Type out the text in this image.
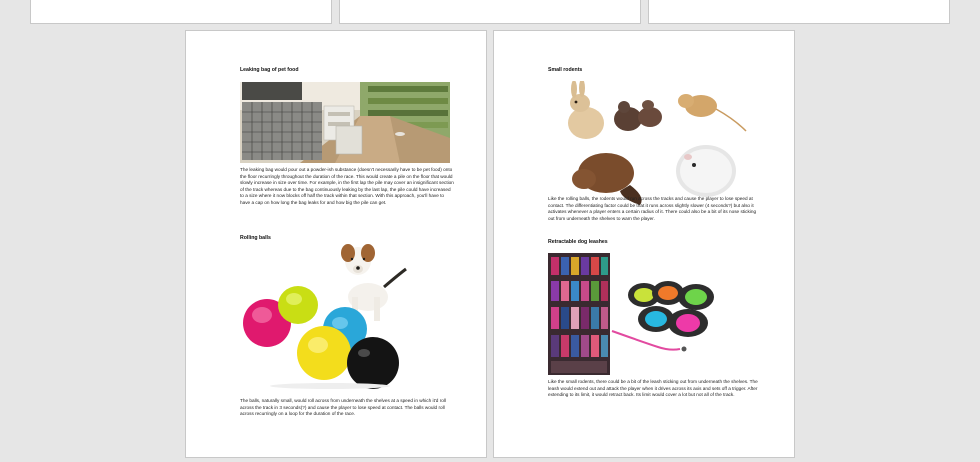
Leaking bag of pet food
The leaking bag would pour out a powder-ish substance (doesn't necessarily have to be pet food) onto the floor recurringly throughout the duration of the race. This would create a pile on the floor that would slowly increase in size over time. For example, in the first lap the pile may cover an insignificant section of the track whereas due to the bag continuously leaking by the last lap, the pile could have increased to a size where it now blocks off half the track within that section. With this approach, you'll have to have a cap on how long the bag leaks for and how big the pile can get.
Rolling balls
The balls, naturally small, would roll across from underneath the shelves at a speed in which it'd roll across the track in 3 seconds(?) and cause the player to lose speed at contact. The balls would roll across recurringly on a loop for the duration of the race.
Small rodents
Like the rolling balls, the rodents would run across the tracks and cause the player to lose speed at contact. The differentiating factor could be that it runs across slightly slower (4 seconds?) but also it activates whenever a player enters a certain radius of it. There could also be a bit of its nose sticking out from underneath the shelves to warn the player.
Retractable dog leashes
Like the small rodents, there could be a bit of the leash sticking out from underneath the shelves. The leash would extend out and attack the player when it drives across its axis and sets off a trigger. After extending to its limit, it would retract back. Its limit would cover a lot but not all of the track.
